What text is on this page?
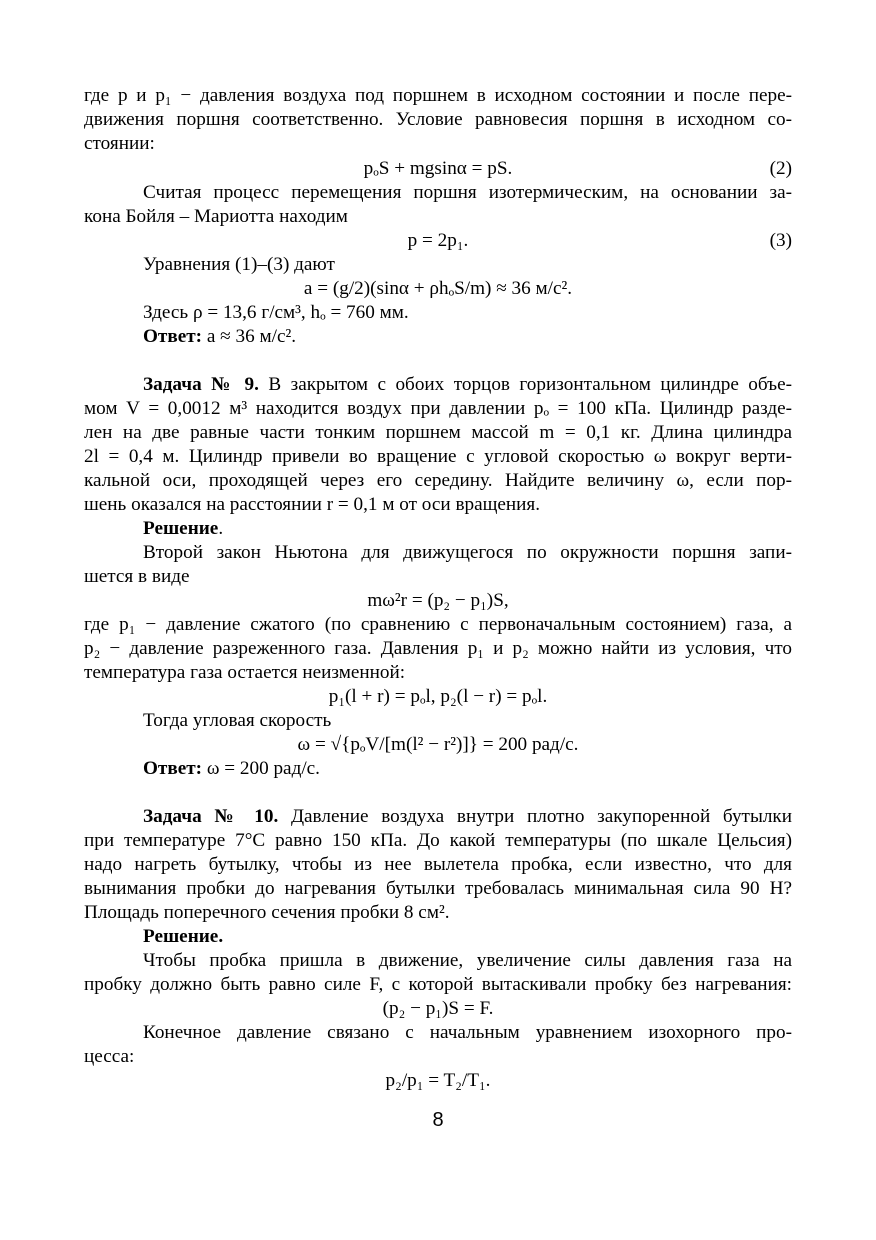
где p и p₁ − давления воздуха под поршнем в исходном состоянии и после пере-
движения поршня соответственно. Условие равновесия поршня в исходном со-
стоянии:
pₒS + mgsinα = pS.	(2)
Считая процесс перемещения поршня изотермическим, на основании за-
кона Бойля – Мариотта находим
p = 2p₁.	(3)
Уравнения (1)–(3) дают
a = (g/2)(sinα + ρhₒS/m) ≈ 36 м/с².
Здесь ρ = 13,6 г/см³, hₒ = 760 мм.
Ответ: a ≈ 36 м/с².
Задача № 9. В закрытом с обоих торцов горизонтальном цилиндре объе-
мом V = 0,0012 м³ находится воздух при давлении pₒ = 100 кПа. Цилиндр разде-
лен на две равные части тонким поршнем массой m = 0,1 кг. Длина цилиндра
2l = 0,4 м. Цилиндр привели во вращение с угловой скоростью ω вокруг верти-
кальной оси, проходящей через его середину. Найдите величину ω, если пор-
шень оказался на расстоянии r = 0,1 м от оси вращения.
Решение.
Второй закон Ньютона для движущегося по окружности поршня запи-
шется в виде
mω²r = (p₂ − p₁)S,
где p₁ − давление сжатого (по сравнению с первоначальным состоянием) газа, а
p₂ − давление разреженного газа. Давления p₁ и p₂ можно найти из условия, что
температура газа остается неизменной:
p₁(l + r) = pₒl, p₂(l − r) = pₒl.
Тогда угловая скорость
ω = √{pₒV/[m(l² − r²)]} = 200 рад/с.
Ответ: ω = 200 рад/с.
Задача № 10. Давление воздуха внутри плотно закупоренной бутылки
при температуре 7°C равно 150 кПа. До какой температуры (по шкале Цельсия)
надо нагреть бутылку, чтобы из нее вылетела пробка, если известно, что для
вынимания пробки до нагревания бутылки требовалась минимальная сила 90 Н?
Площадь поперечного сечения пробки 8 см².
Решение.
Чтобы пробка пришла в движение, увеличение силы давления газа на
пробку должно быть равно силе F, с которой вытаскивали пробку без нагревания:
(p₂ − p₁)S = F.
Конечное давление связано с начальным уравнением изохорного про-
цесса:
p₂/p₁ = T₂/T₁.
8
